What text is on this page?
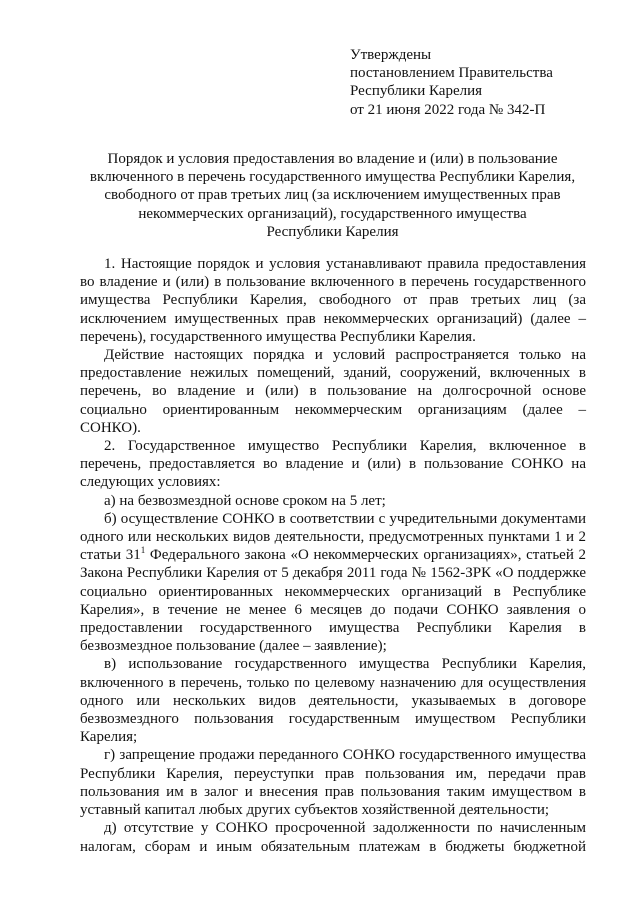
Утверждены
постановлением Правительства
Республики Карелия
от 21 июня 2022 года № 342-П
Порядок и условия предоставления во владение и (или) в пользование
включенного в перечень государственного имущества Республики Карелия,
свободного от прав третьих лиц (за исключением имущественных прав
некоммерческих организаций), государственного имущества
Республики Карелия

1. Настоящие порядок и условия устанавливают правила предоставления во владение и (или) в пользование включенного в перечень государственного имущества Республики Карелия, свободного от прав третьих лиц (за исключением имущественных прав некоммерческих организаций) (далее – перечень), государственного имущества Республики Карелия.

Действие настоящих порядка и условий распространяется только на предоставление нежилых помещений, зданий, сооружений, включенных в перечень, во владение и (или) в пользование на долгосрочной основе социально ориентированным некоммерческим организациям (далее – СОНКО).

2. Государственное имущество Республики Карелия, включенное в перечень, предоставляется во владение и (или) в пользование СОНКО на следующих условиях:

а) на безвозмездной основе сроком на 5 лет;

б) осуществление СОНКО в соответствии с учредительными документами одного или нескольких видов деятельности, предусмотренных пунктами 1 и 2 статьи $31^1$ Федерального закона «О некоммерческих организациях», статьей 2 Закона Республики Карелия от 5 декабря 2011 года № 1562-ЗРК «О поддержке социально ориентированных некоммерческих организаций в Республике Карелия», в течение не менее 6 месяцев до подачи СОНКО заявления о предоставлении государственного имущества Республики Карелия в безвозмездное пользование (далее – заявление);

в) использование государственного имущества Республики Карелия, включенного в перечень, только по целевому назначению для осуществления одного или нескольких видов деятельности, указываемых в договоре безвозмездного пользования государственным имуществом Республики Карелия;

г) запрещение продажи переданного СОНКО государственного имущества Республики Карелия, переуступки прав пользования им, передачи прав пользования им в залог и внесения прав пользования таким имуществом в уставный капитал любых других субъектов хозяйственной деятельности;

д) отсутствие у СОНКО просроченной задолженности по начисленным налогам, сборам и иным обязательным платежам в бюджеты бюджетной
